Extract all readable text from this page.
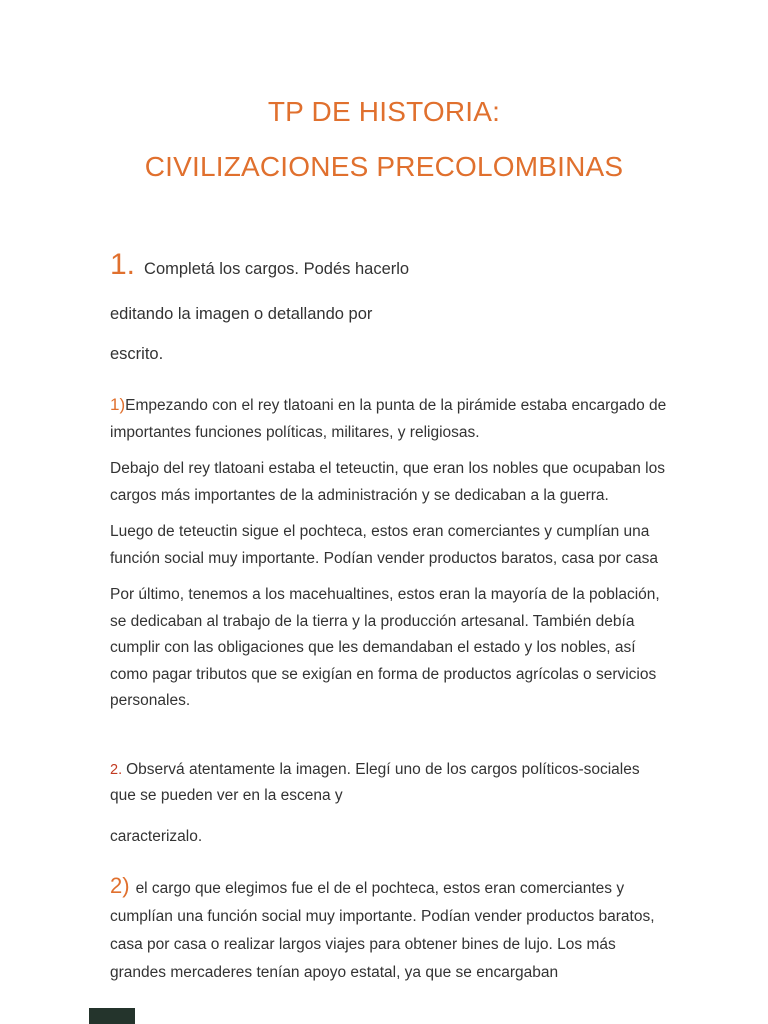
TP DE HISTORIA:
CIVILIZACIONES PRECOLOMBINAS
1. Completá los cargos. Podés hacerlo
editando la imagen o detallando por
escrito.

1)Empezando con el rey tlatoani en la punta de la pirámide estaba encargado de importantes funciones políticas, militares, y religiosas.

Debajo del rey tlatoani estaba el teteuctin, que eran los nobles que ocupaban los cargos más importantes de la administración y se dedicaban a la guerra.

Luego de teteuctin sigue el pochteca, estos eran comerciantes y cumplían una función social muy importante. Podían vender productos baratos, casa por casa

Por último, tenemos a los macehualtines, estos eran la mayoría de la población, se dedicaban al trabajo de la tierra y la producción artesanal. También debía cumplir con las obligaciones que les demandaban el estado y los nobles, así como pagar tributos que se exigían en forma de productos agrícolas o servicios personales.

2. Observá atentamente la imagen. Elegí uno de los cargos políticos-sociales que se pueden ver en la escena y

caracterizalo.

2) el cargo que elegimos fue el de el pochteca, estos eran comerciantes y cumplían una función social muy importante. Podían vender productos baratos, casa por casa o realizar largos viajes para obtener bines de lujo. Los más grandes mercaderes tenían apoyo estatal, ya que se encargaban
